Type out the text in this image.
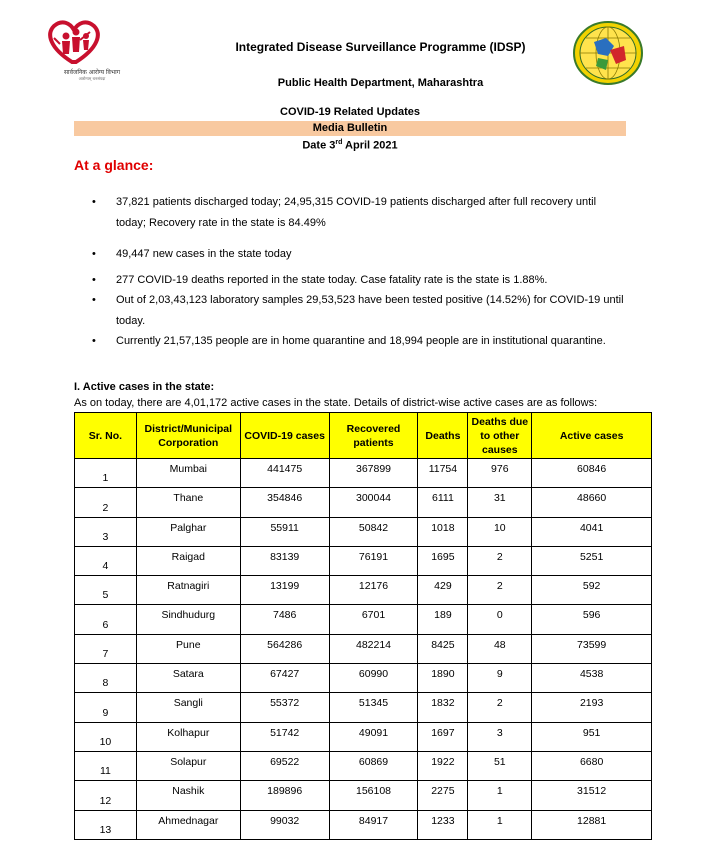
सार्वजनिक आरोग्य विभाग
आरोग्यम् धनसंपदा
Integrated Disease Surveillance Programme (IDSP)
Public Health Department, Maharashtra
COVID-19 Related Updates
Media Bulletin
Date 3rd April 2021
At a glance:
• 37,821 patients discharged today; 24,95,315 COVID-19 patients discharged after full recovery until today; Recovery rate in the state is 84.49%
• 49,447 new cases in the state today
• 277 COVID-19 deaths reported in the state today. Case fatality rate is the state is 1.88%.
• Out of 2,03,43,123 laboratory samples 29,53,523 have been tested positive (14.52%) for COVID-19 until today.
• Currently 21,57,135 people are in home quarantine and 18,994 people are in institutional quarantine.
I. Active cases in the state:
As on today, there are 4,01,172 active cases in the state. Details of district-wise active cases are as follows:
Sr. No.	District/Municipal Corporation	COVID-19 cases	Recovered patients	Deaths	Deaths due to other causes	Active cases
1	Mumbai	441475	367899	11754	976	60846
2	Thane	354846	300044	6111	31	48660
3	Palghar	55911	50842	1018	10	4041
4	Raigad	83139	76191	1695	2	5251
5	Ratnagiri	13199	12176	429	2	592
6	Sindhudurg	7486	6701	189	0	596
7	Pune	564286	482214	8425	48	73599
8	Satara	67427	60990	1890	9	4538
9	Sangli	55372	51345	1832	2	2193
10	Kolhapur	51742	49091	1697	3	951
11	Solapur	69522	60869	1922	51	6680
12	Nashik	189896	156108	2275	1	31512
13	Ahmednagar	99032	84917	1233	1	12881
